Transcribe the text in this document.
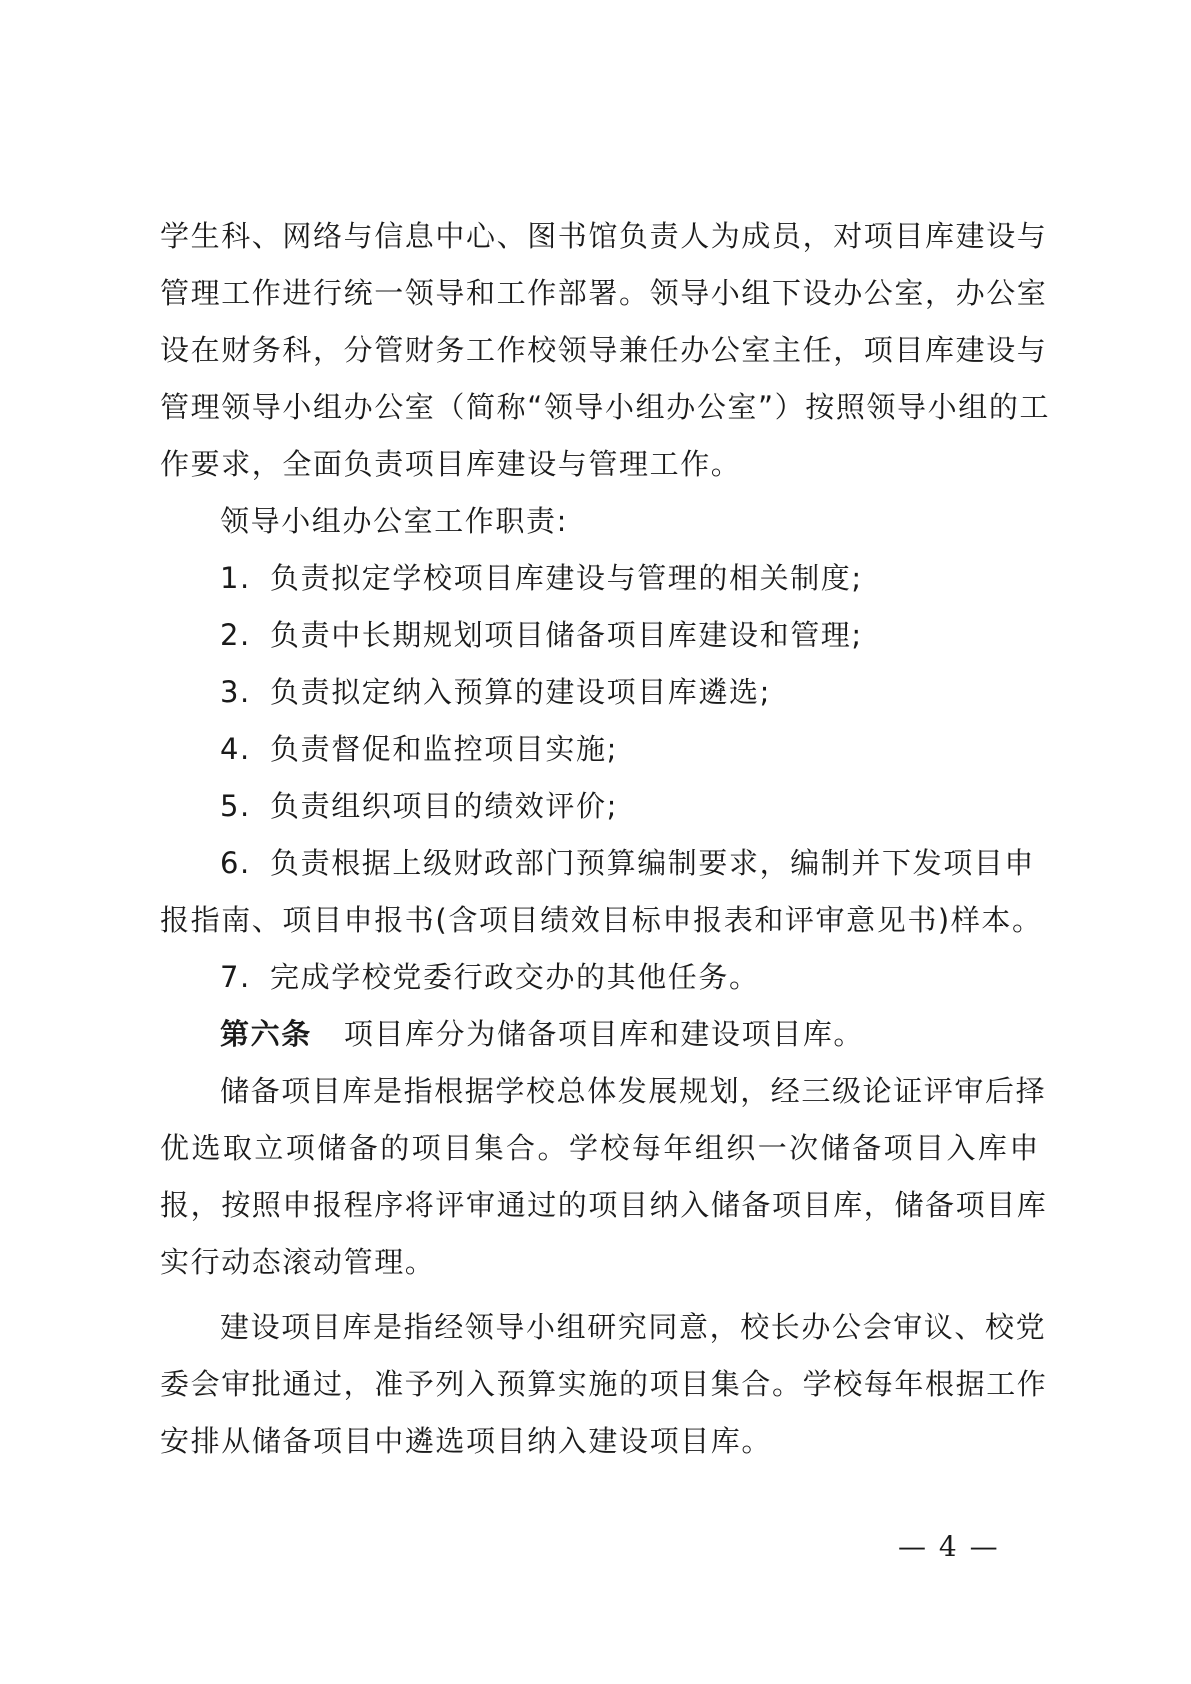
学生科、网络与信息中心、图书馆负责人为成员，对项目库建设与
管理工作进行统一领导和工作部署。领导小组下设办公室，办公室
设在财务科，分管财务工作校领导兼任办公室主任，项目库建设与
管理领导小组办公室（简称“领导小组办公室”）按照领导小组的工
作要求，全面负责项目库建设与管理工作。
领导小组办公室工作职责:
1. 负责拟定学校项目库建设与管理的相关制度;
2. 负责中长期规划项目储备项目库建设和管理;
3. 负责拟定纳入预算的建设项目库遴选;
4. 负责督促和监控项目实施;
5. 负责组织项目的绩效评价;
6. 负责根据上级财政部门预算编制要求，编制并下发项目申
报指南、项目申报书(含项目绩效目标申报表和评审意见书)样本。
7. 完成学校党委行政交办的其他任务。
第六条 项目库分为储备项目库和建设项目库。
储备项目库是指根据学校总体发展规划，经三级论证评审后择
优选取立项储备的项目集合。学校每年组织一次储备项目入库申
报，按照申报程序将评审通过的项目纳入储备项目库，储备项目库
实行动态滚动管理。
建设项目库是指经领导小组研究同意，校长办公会审议、校党
委会审批通过，准予列入预算实施的项目集合。学校每年根据工作
安排从储备项目中遴选项目纳入建设项目库。
— 4 —
